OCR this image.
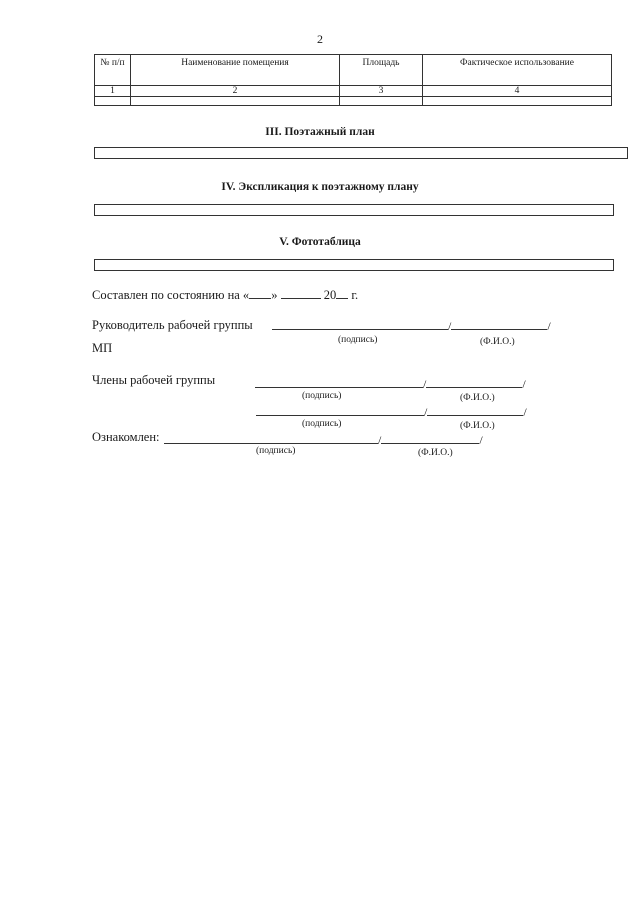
2
№ п/п	Наименование помещения	Площадь	Фактическое использование
1	2	3	4

III. Поэтажный план
IV. Экспликация к поэтажному плану
V. Фототаблица
Составлен по состоянию на « »	20 г.
Руководитель рабочей группы	/	/
(подпись)	(Ф.И.О.)
МП
Члены рабочей группы	/	/
(подпись)	(Ф.И.О.)
/	/
(подпись)	(Ф.И.О.)
Ознакомлен:	/	/
(подпись)	(Ф.И.О.)
